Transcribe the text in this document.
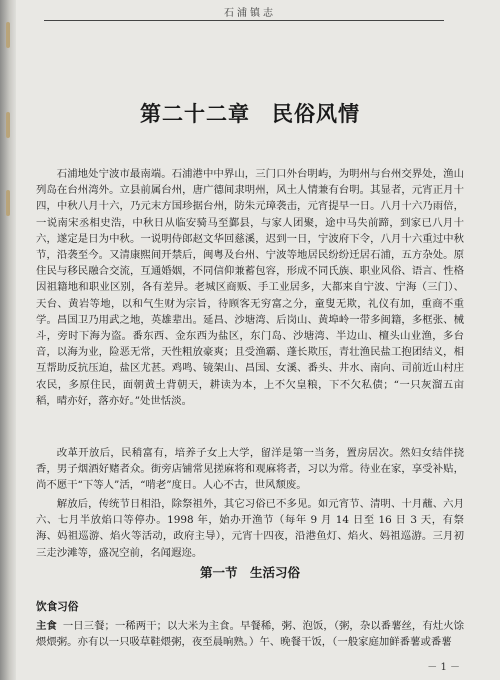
石浦镇志
第二十二章　民俗风情

石浦地处宁波市最南端。石浦港中中界山，三门口外台明屿，为明州与台州交界处，渔山列岛在台州湾外。立县前属台州，唐广德间隶明州，风土人情兼有台明。其显者，元宵正月十四，中秋八月十六，乃元末方国珍据台州，防朱元璋袭击，元宵提早一日。八月十六乃雨倍，一说南宋丞相史浩，中秋日从临安骑马至鄞县，与家人团聚，途中马失前蹄，到家已八月十六，遂定是日为中秋。一说明侍郎赵文华回慈溪，迟到一日，宁波府下令，八月十六重过中秋节，沿袭至今。又清康熙间开禁后，闽粤及台州、宁波等地居民纷纷迁居石浦，五方杂处。原住民与移民融合交流，互通婚姻，不同信仰兼蓄包容，形成不同氏族、职业风俗、语言、性格因祖籍地和职业区别，各有差异。老城区商贩、手工业居多，大都来自宁波、宁海（三门）、天台、黄岩等地，以和气生财为宗旨，待顾客无穷富之分，童叟无欺，礼仪有加，重商不重学。昌国卫乃用武之地，英雄辈出。延昌、沙塘湾、后岗山、黄埠岭一带多闽籍，多框张、械斗，旁时下海为盗。番东西、金东西为盐区，东门岛、沙塘湾、半边山、檀头山业渔，多台音，以海为业，险恶无常，天性粗放豪爽；且受渔霸、蓬长欺压，青壮渔民盐工抱团结义，相互帮助反抗压迫，盐区尤甚。鸡鸣、镜架山、昌国、女溪、番头、井水、南向、司前近山村庄农民，多原住民，面朝黄土背朝天，耕读为本，上不欠皇粮，下不欠私债；“一只灰溜五亩稻，晴亦好，落亦好。”处世恬淡。

改革开放后，民稍富有，培养子女上大学，留洋是第一当务，置房居次。然妇女结伴挠香，男子烟酒好赌者众。街旁店铺常见搓麻将和观麻将者，习以为常。待业在家，享受补贴，尚不愿干“下等人”活，“啃老”度日。人心不古，世风颓废。

解放后，传统节日相沿，除祭祖外，其它习俗已不多见。如元宵节、清明、十月蘸、六月六、七月半放焰口等停办。1998 年，始办开渔节（每年 9 月 14 日至 16 日 3 天，有祭海、妈祖巡游、焰火等活动，政府主导），元宵十四夜，沿港鱼灯、焰火、妈祖巡游。三月初三走沙滩等，盛况空前，名闻遐迩。

第一节　生活习俗
饮食习俗

主食 一日三餐；一稀两干；以大米为主食。早餐稀，粥、泡饭，（粥，杂以番薯丝，有灶火馀煨煨粥。亦有以一只吸草鞋煨粥，夜至晨晌熟。）午、晚餐干饭，（一般家庭加鲜番薯或番薯

－ 1 －
